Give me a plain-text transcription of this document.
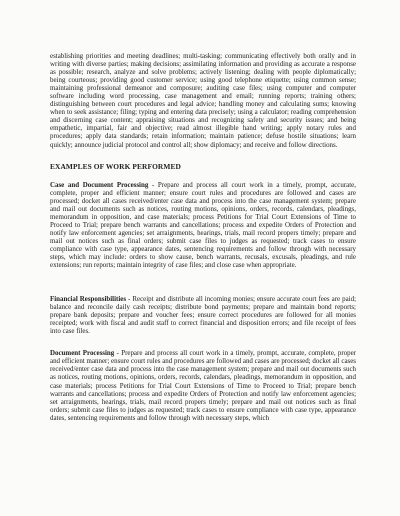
establishing priorities and meeting deadlines; multi-tasking; communicating effectively both orally and in writing with diverse parties; making decisions; assimilating information and providing as accurate a response as possible; research, analyze and solve problems; actively listening; dealing with people diplomatically; being courteous; providing good customer service; using good telephone etiquette; using common sense; maintaining professional demeanor and composure; auditing case files; using computer and computer software including word processing, case management and email; running reports; training others; distinguishing between court procedures and legal advice; handling money and calculating sums; knowing when to seek assistance; filing; typing and entering data precisely; using a calculator; reading comprehension and discerning case content; appraising situations and recognizing safety and security issues; and being empathetic, impartial, fair and objective; read almost illegible hand writing; apply notary rules and procedures; apply data standards; retain information; maintain patience; defuse hostile situations; learn quickly; announce judicial protocol and control all; show diplomacy; and receive and follow directions.

EXAMPLES OF WORK PERFORMED

Case and Document Processing - Prepare and process all court work in a timely, prompt, accurate, complete, proper and efficient manner; ensure court rules and procedures are followed and cases are processed; docket all cases received/enter case data and process into the case management system; prepare and mail out documents such as notices, routing motions, opinions, orders, records, calendars, pleadings, memorandum in opposition, and case materials; process Petitions for Trial Court Extensions of Time to Proceed to Trial; prepare bench warrants and cancellations; process and expedite Orders of Protection and notify law enforcement agencies; set arraignments, hearings, trials, mail record propers timely; prepare and mail out notices such as final orders; submit case files to judges as requested; track cases to ensure compliance with case type, appearance dates, sentencing requirements and follow through with necessary steps, which may include: orders to show cause, bench warrants, recusals, excusals, pleadings, and rule extensions; run reports; maintain integrity of case files; and close case when appropriate.

Financial Responsibilities - Receipt and distribute all incoming monies; ensure accurate court fees are paid; balance and reconcile daily cash receipts; distribute bond payments; prepare and maintain bond reports; prepare bank deposits; prepare and voucher fees; ensure correct procedures are followed for all monies receipted; work with fiscal and audit staff to correct financial and disposition errors; and file receipt of fees into case files.

Document Processing - Prepare and process all court work in a timely, prompt, accurate, complete, proper and efficient manner; ensure court rules and procedures are followed and cases are processed; docket all cases received/enter case data and process into the case management system; prepare and mail out documents such as notices, routing motions, opinions, orders, records, calendars, pleadings, memorandum in opposition, and case materials; process Petitions for Trial Court Extensions of Time to Proceed to Trial; prepare bench warrants and cancellations; process and expedite Orders of Protection and notify law enforcement agencies; set arraignments, hearings, trials, mail record propers timely; prepare and mail out notices such as final orders; submit case files to judges as requested; track cases to ensure compliance with case type, appearance dates, sentencing requirements and follow through with necessary steps, which
